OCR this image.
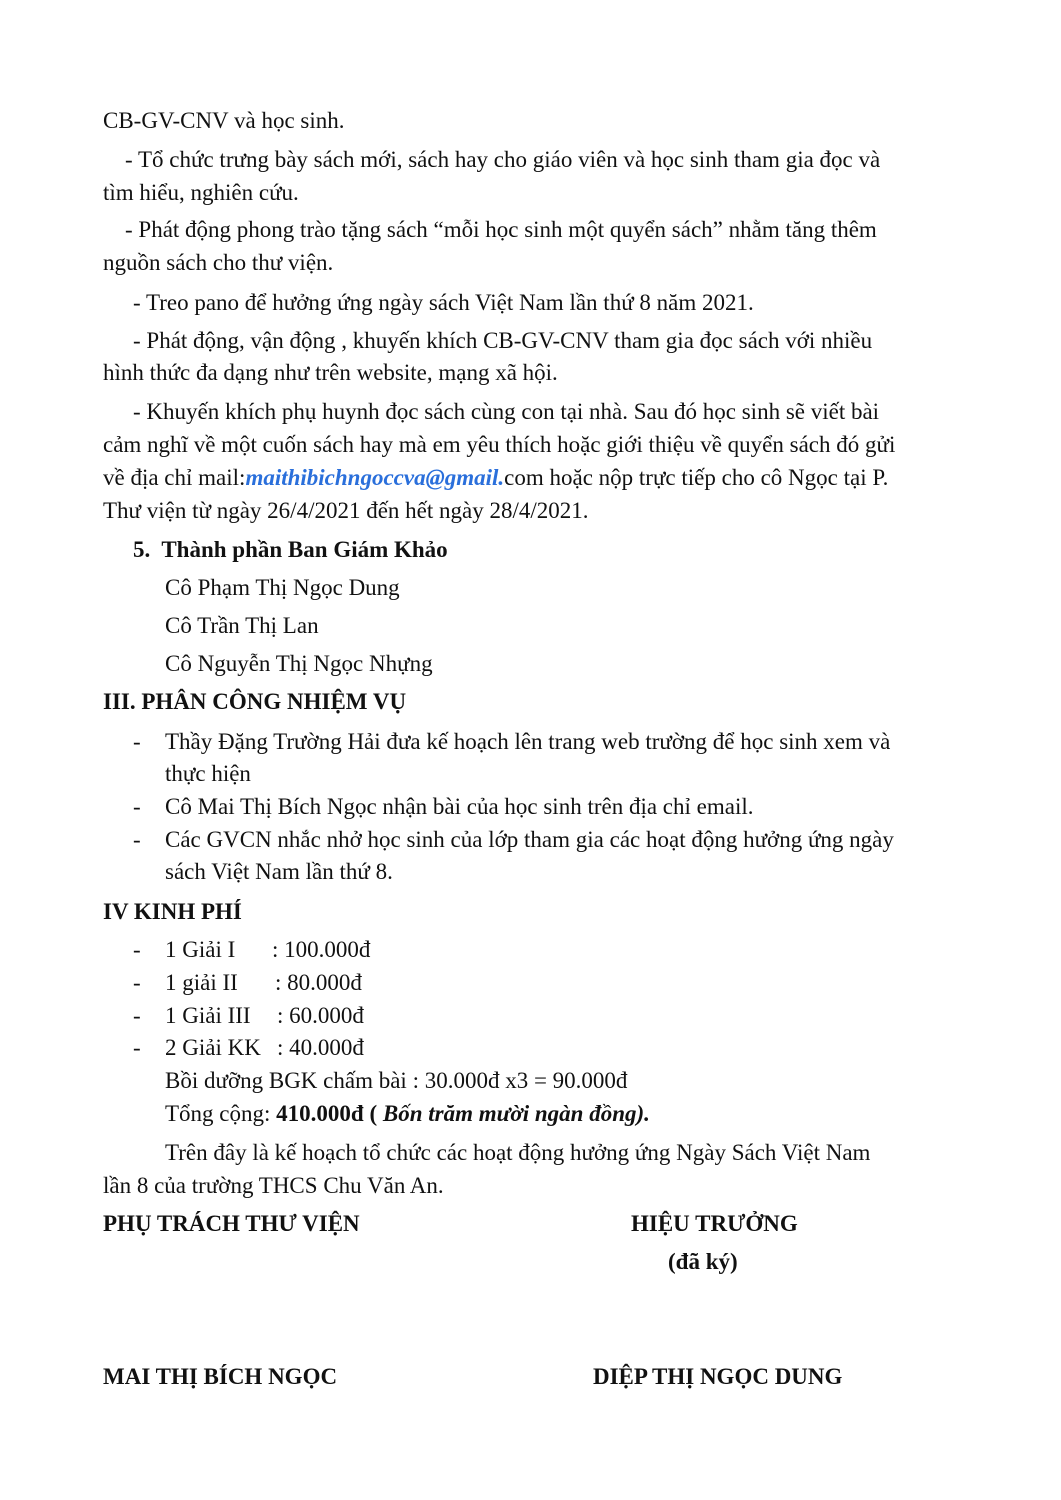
CB-GV-CNV và học sinh.
- Tổ chức trưng bày sách mới, sách hay cho giáo viên và học sinh tham gia đọc và
tìm hiểu, nghiên cứu.
- Phát động phong trào tặng sách “mỗi học sinh một quyển sách” nhằm tăng thêm
nguồn sách cho thư viện.
- Treo pano để hưởng ứng ngày sách Việt Nam lần thứ 8 năm 2021.
- Phát động, vận động , khuyến khích CB-GV-CNV tham gia đọc sách với nhiều
hình thức đa dạng như trên website, mạng xã hội.
- Khuyến khích phụ huynh đọc sách cùng con tại nhà. Sau đó học sinh sẽ viết bài
cảm nghĩ về một cuốn sách hay mà em yêu thích hoặc giới thiệu về quyển sách đó gửi
về địa chỉ mail:maithibichngoccva@gmail.com hoặc nộp trực tiếp cho cô Ngọc tại P.
Thư viện từ ngày 26/4/2021 đến hết ngày 28/4/2021.
5.  Thành phần Ban Giám Khảo
Cô Phạm Thị Ngọc Dung
Cô Trần Thị Lan
Cô Nguyễn Thị Ngọc Nhựng
III. PHÂN CÔNG NHIỆM VỤ
- Thầy Đặng Trường Hải đưa kế hoạch lên trang web trường để học sinh xem và
thực hiện
- Cô Mai Thị Bích Ngọc nhận bài của học sinh trên địa chỉ email.
- Các GVCN nhắc nhở học sinh của lớp tham gia các hoạt động hưởng ứng ngày
sách Việt Nam lần thứ 8.
IV KINH PHÍ
- 1 Giải I : 100.000đ
- 1 giải II : 80.000đ
- 1 Giải III : 60.000đ
- 2 Giải KK : 40.000đ
Bồi dưỡng BGK chấm bài : 30.000đ x3 = 90.000đ
Tổng cộng: 410.000đ ( Bốn trăm mười ngàn đồng).
Trên đây là kế hoạch tổ chức các hoạt động hưởng ứng Ngày Sách Việt Nam
lần 8 của trường THCS Chu Văn An.
PHỤ TRÁCH THƯ VIỆN	HIỆU TRƯỞNG
(đã ký)
MAI THỊ BÍCH NGỌC	DIỆP THỊ NGỌC DUNG
